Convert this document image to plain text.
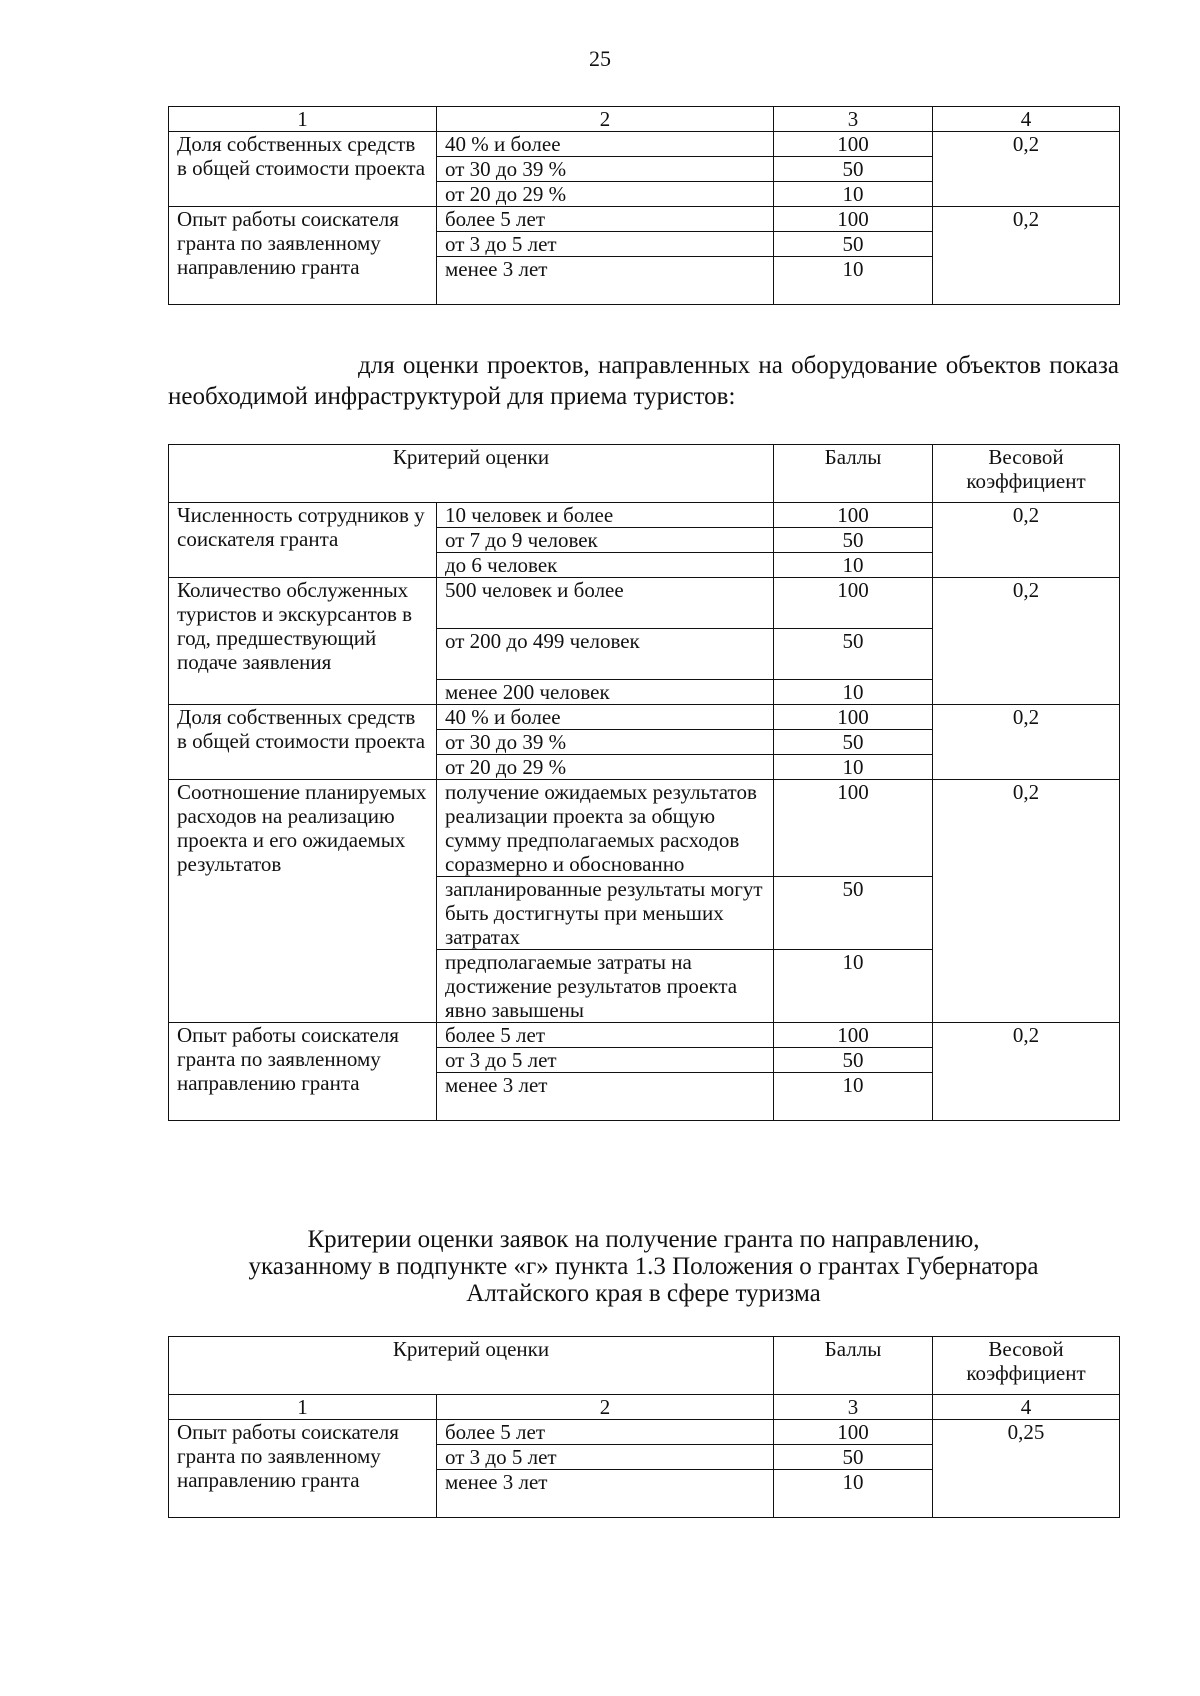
25
1	2	3	4
Доля собственных средств в общей стоимости проекта	40 % и более	100	0,2
	от 30 до 39 %	50	
	от 20 до 29 %	10	
Опыт работы соискателя гранта по заявленному направлению гранта	более 5 лет	100	0,2
	от 3 до 5 лет	50	
	менее 3 лет	10	
для оценки проектов, направленных на оборудование объектов показа
необходимой инфраструктурой для приема туристов:
Критерий оценки		Баллы	Весовой коэффициент
Численность сотрудников у соискателя гранта	10 человек и более	100	0,2
	от 7 до 9 человек	50	
	до 6 человек	10	
Количество обслуженных туристов и экскурсантов в год, предшествующий подаче заявления	500 человек и более	100	0,2
	от 200 до 499 человек	50	
	менее 200 человек	10	
Доля собственных средств в общей стоимости проекта	40 % и более	100	0,2
	от 30 до 39 %	50	
	от 20 до 29 %	10	
Соотношение планируемых расходов на реализацию проекта и его ожидаемых результатов	получение ожидаемых результатов реализации проекта за общую сумму предполагаемых расходов соразмерно и обоснованно	100	0,2
	запланированные результаты могут быть достигнуты при меньших затратах	50	
	предполагаемые затраты на достижение результатов проекта явно завышены	10	
Опыт работы соискателя гранта по заявленному направлению гранта	более 5 лет	100	0,2
	от 3 до 5 лет	50	
	менее 3 лет	10	
Критерии оценки заявок на получение гранта по направлению,
указанному в подпункте «г» пункта 1.3 Положения о грантах Губернатора
Алтайского края в сфере туризма
Критерий оценки		Баллы	Весовой коэффициент
1	2	3	4
Опыт работы соискателя гранта по заявленному направлению гранта	более 5 лет	100	0,25
	от 3 до 5 лет	50	
	менее 3 лет	10	
